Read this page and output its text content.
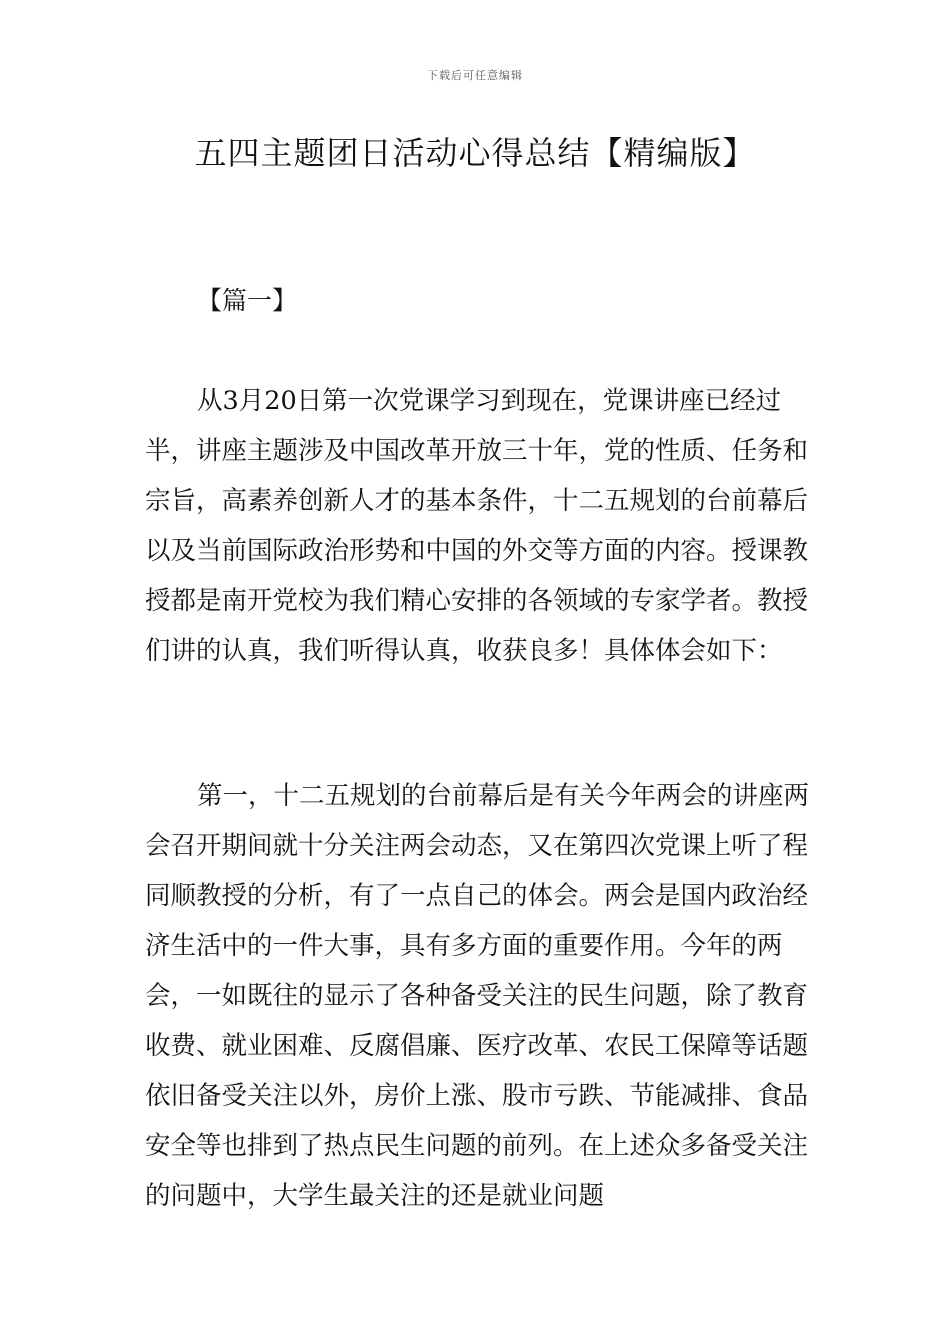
下载后可任意编辑
五四主题团日活动心得总结【精编版】
【篇一】

从3月20日第一次党课学习到现在，党课讲座已经过半，讲座主题涉及中国改革开放三十年，党的性质、任务和宗旨，高素养创新人才的基本条件，十二五规划的台前幕后以及当前国际政治形势和中国的外交等方面的内容。授课教授都是南开党校为我们精心安排的各领域的专家学者。教授们讲的认真，我们听得认真，收获良多！具体体会如下：

第一，十二五规划的台前幕后是有关今年两会的讲座两会召开期间就十分关注两会动态，又在第四次党课上听了程同顺教授的分析，有了一点自己的体会。两会是国内政治经济生活中的一件大事，具有多方面的重要作用。今年的两会，一如既往的显示了各种备受关注的民生问题，除了教育收费、就业困难、反腐倡廉、医疗改革、农民工保障等话题依旧备受关注以外，房价上涨、股市亏跌、节能减排、食品安全等也排到了热点民生问题的前列。在上述众多备受关注的问题中，大学生最关注的还是就业问题
